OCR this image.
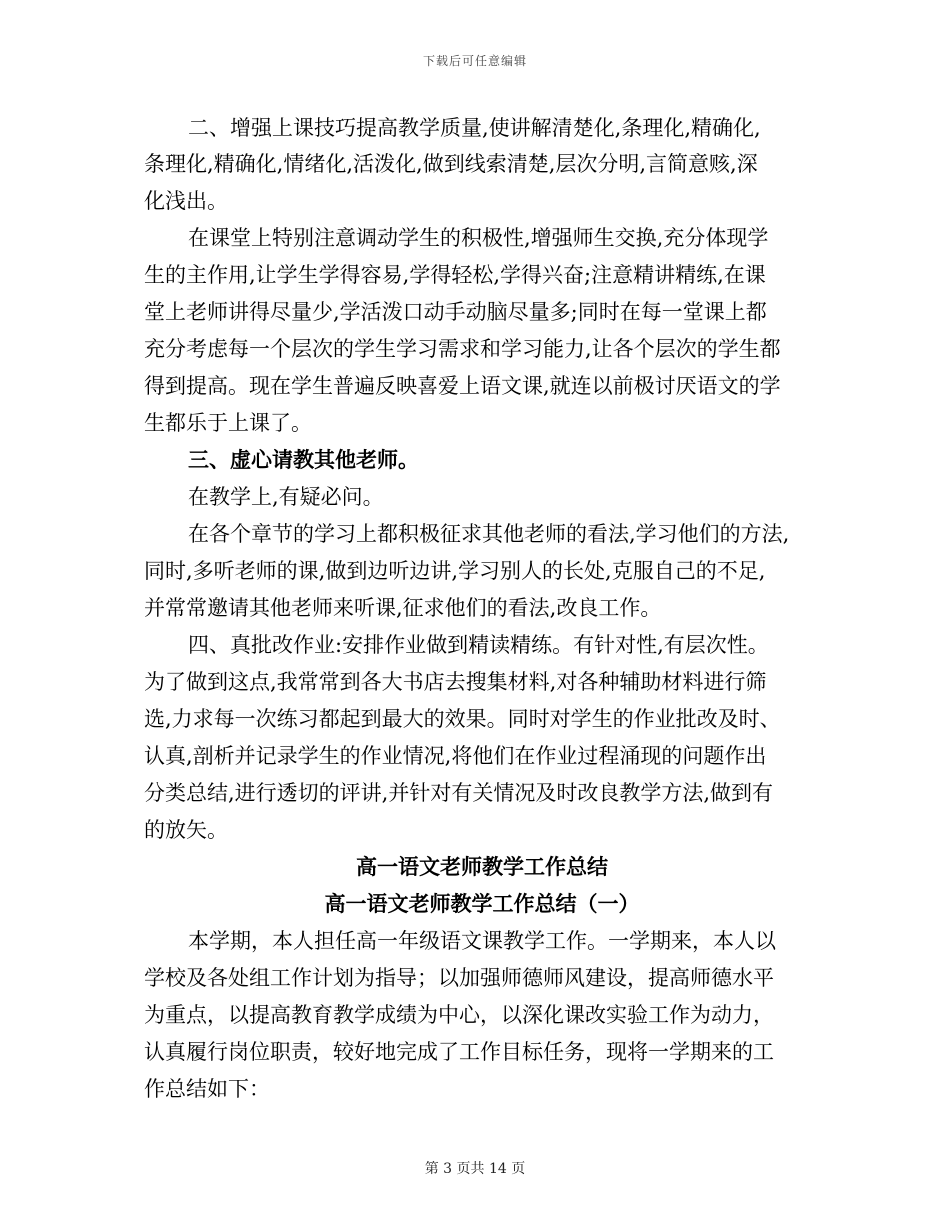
下载后可任意编辑
二、增强上课技巧提高教学质量,使讲解清楚化,条理化,精确化,
条理化,精确化,情绪化,活泼化,做到线索清楚,层次分明,言简意赅,深
化浅出。
在课堂上特别注意调动学生的积极性,增强师生交换,充分体现学
生的主作用,让学生学得容易,学得轻松,学得兴奋;注意精讲精练,在课
堂上老师讲得尽量少,学活泼口动手动脑尽量多;同时在每一堂课上都
充分考虑每一个层次的学生学习需求和学习能力,让各个层次的学生都
得到提高。现在学生普遍反映喜爱上语文课,就连以前极讨厌语文的学
生都乐于上课了。
三、虚心请教其他老师。
在教学上,有疑必问。
在各个章节的学习上都积极征求其他老师的看法,学习他们的方法,
同时,多听老师的课,做到边听边讲,学习别人的长处,克服自己的不足,
并常常邀请其他老师来听课,征求他们的看法,改良工作。
四、真批改作业:安排作业做到精读精练。有针对性,有层次性。
为了做到这点,我常常到各大书店去搜集材料,对各种辅助材料进行筛
选,力求每一次练习都起到最大的效果。同时对学生的作业批改及时、
认真,剖析并记录学生的作业情况,将他们在作业过程涌现的问题作出
分类总结,进行透切的评讲,并针对有关情况及时改良教学方法,做到有
的放矢。
高一语文老师教学工作总结
高一语文老师教学工作总结（一）
本学期，本人担任高一年级语文课教学工作。一学期来，本人以
学校及各处组工作计划为指导；以加强师德师风建设，提高师德水平
为重点，以提高教育教学成绩为中心，以深化课改实验工作为动力，
认真履行岗位职责，较好地完成了工作目标任务，现将一学期来的工
作总结如下：
第 3 页共 14 页
